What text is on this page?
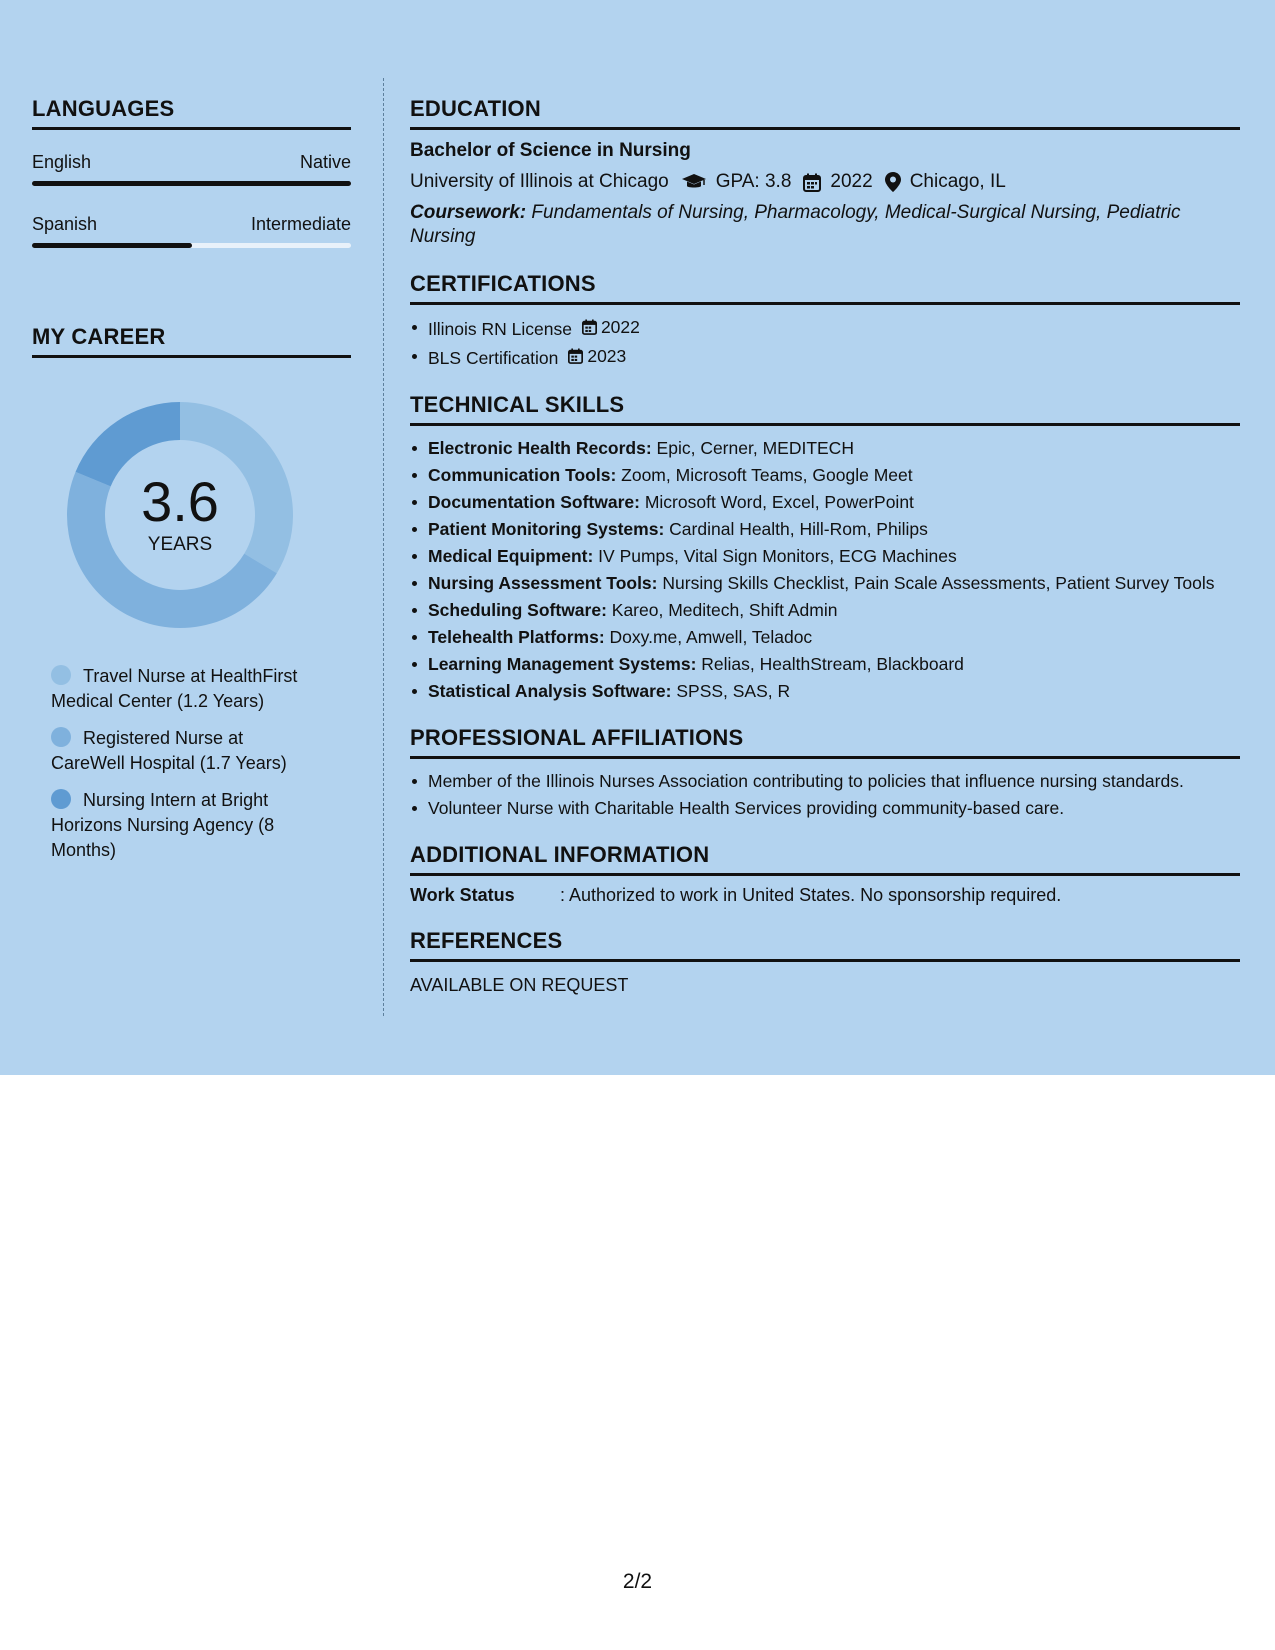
LANGUAGES
English	Native
Spanish	Intermediate
MY CAREER
3.6
YEARS
Travel Nurse at HealthFirst Medical Center (1.2 Years)
Registered Nurse at CareWell Hospital (1.7 Years)
Nursing Intern at Bright Horizons Nursing Agency (8 Months)
EDUCATION
Bachelor of Science in Nursing
University of Illinois at Chicago GPA: 3.8 2022 Chicago, IL
Coursework: Fundamentals of Nursing, Pharmacology, Medical-Surgical Nursing, Pediatric Nursing
CERTIFICATIONS
Illinois RN License 2022
BLS Certification 2023
TECHNICAL SKILLS
Electronic Health Records: Epic, Cerner, MEDITECH
Communication Tools: Zoom, Microsoft Teams, Google Meet
Documentation Software: Microsoft Word, Excel, PowerPoint
Patient Monitoring Systems: Cardinal Health, Hill-Rom, Philips
Medical Equipment: IV Pumps, Vital Sign Monitors, ECG Machines
Nursing Assessment Tools: Nursing Skills Checklist, Pain Scale Assessments, Patient Survey Tools
Scheduling Software: Kareo, Meditech, Shift Admin
Telehealth Platforms: Doxy.me, Amwell, Teladoc
Learning Management Systems: Relias, HealthStream, Blackboard
Statistical Analysis Software: SPSS, SAS, R
PROFESSIONAL AFFILIATIONS
Member of the Illinois Nurses Association contributing to policies that influence nursing standards.
Volunteer Nurse with Charitable Health Services providing community-based care.
ADDITIONAL INFORMATION
Work Status	: Authorized to work in United States. No sponsorship required.
REFERENCES
AVAILABLE ON REQUEST
2/2
